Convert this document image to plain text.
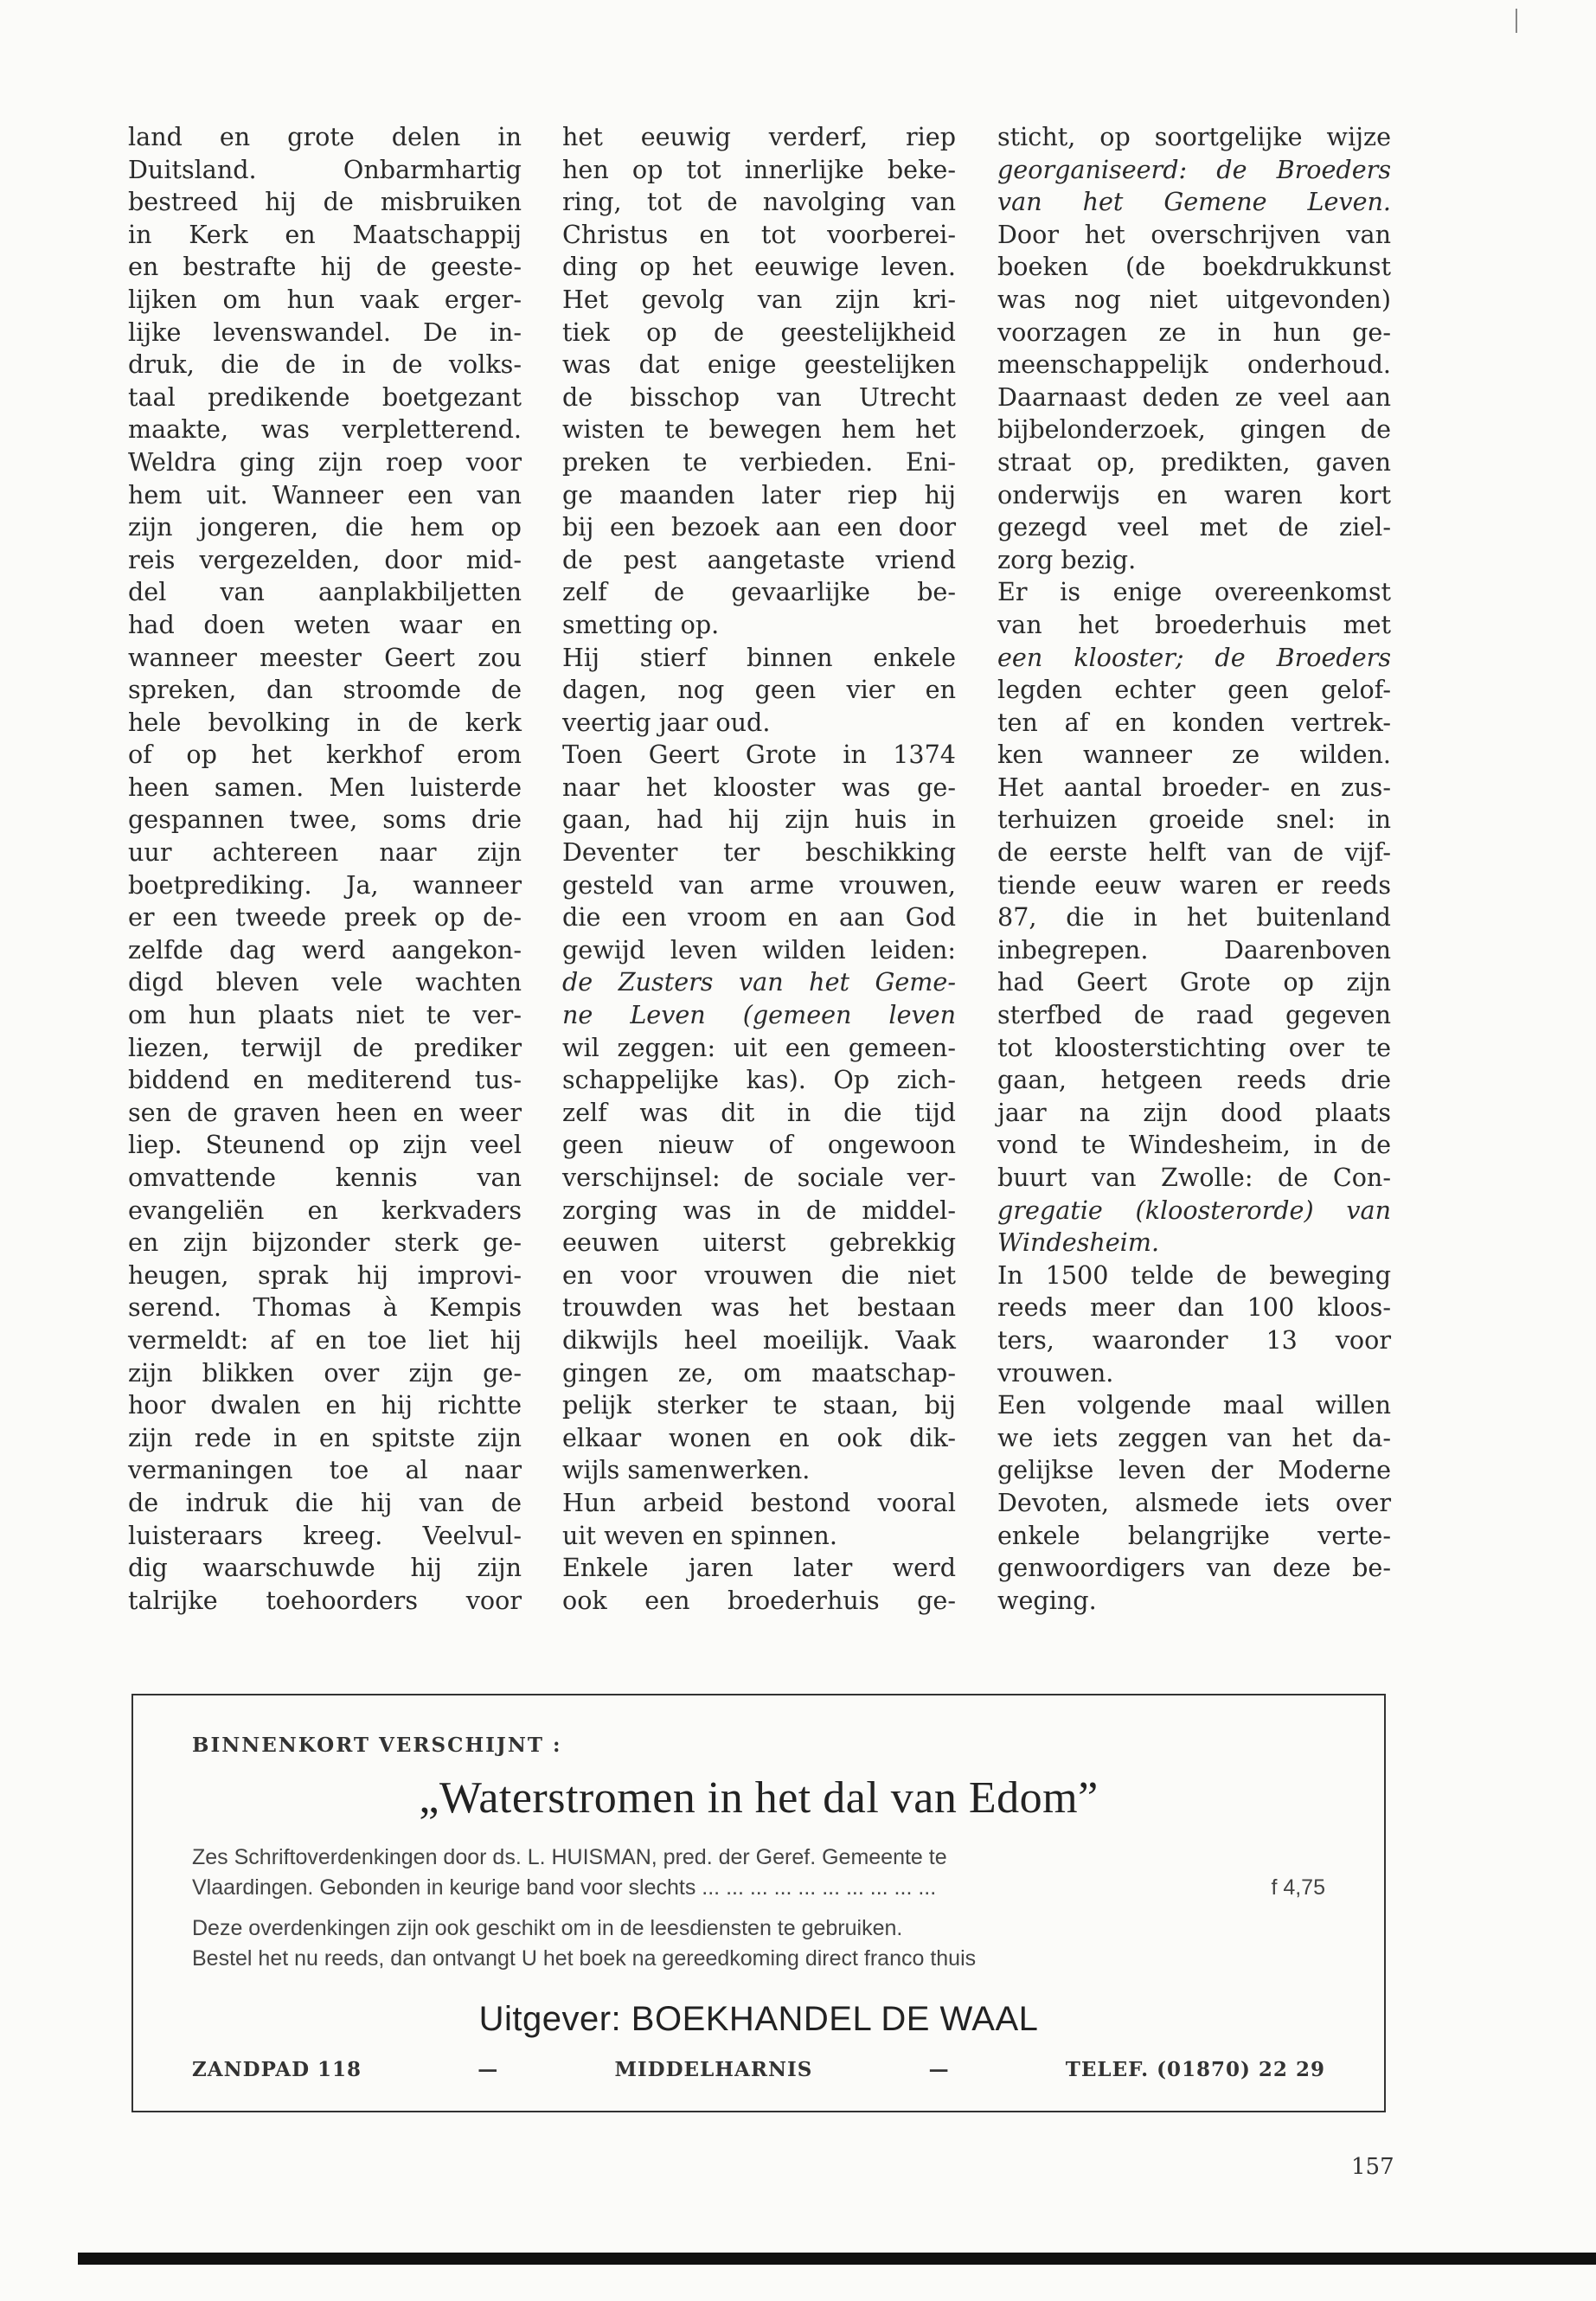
land en grote delen in
Duitsland. Onbarmhartig
bestreed hij de misbruiken
in Kerk en Maatschappij
en bestrafte hij de geeste-
lijken om hun vaak erger-
lijke levenswandel. De in-
druk, die de in de volks-
taal predikende boetgezant
maakte, was verpletterend.
Weldra ging zijn roep voor
hem uit. Wanneer een van
zijn jongeren, die hem op
reis vergezelden, door mid-
del van aanplakbiljetten
had doen weten waar en
wanneer meester Geert zou
spreken, dan stroomde de
hele bevolking in de kerk
of op het kerkhof erom
heen samen. Men luisterde
gespannen twee, soms drie
uur achtereen naar zijn
boetprediking. Ja, wanneer
er een tweede preek op de-
zelfde dag werd aangekon-
digd bleven vele wachten
om hun plaats niet te ver-
liezen, terwijl de prediker
biddend en mediterend tus-
sen de graven heen en weer
liep. Steunend op zijn veel
omvattende kennis van
evangeliën en kerkvaders
en zijn bijzonder sterk ge-
heugen, sprak hij improvi-
serend. Thomas à Kempis
vermeldt: af en toe liet hij
zijn blikken over zijn ge-
hoor dwalen en hij richtte
zijn rede in en spitste zijn
vermaningen toe al naar
de indruk die hij van de
luisteraars kreeg. Veelvul-
dig waarschuwde hij zijn
talrijke toehoorders voor
het eeuwig verderf, riep
hen op tot innerlijke beke-
ring, tot de navolging van
Christus en tot voorberei-
ding op het eeuwige leven.
Het gevolg van zijn kri-
tiek op de geestelijkheid
was dat enige geestelijken
de bisschop van Utrecht
wisten te bewegen hem het
preken te verbieden. Eni-
ge maanden later riep hij
bij een bezoek aan een door
de pest aangetaste vriend
zelf de gevaarlijke be-
smetting op.
Hij stierf binnen enkele
dagen, nog geen vier en
veertig jaar oud.
Toen Geert Grote in 1374
naar het klooster was ge-
gaan, had hij zijn huis in
Deventer ter beschikking
gesteld van arme vrouwen,
die een vroom en aan God
gewijd leven wilden leiden:
de Zusters van het Geme-
ne Leven (gemeen leven
wil zeggen: uit een gemeen-
schappelijke kas). Op zich-
zelf was dit in die tijd
geen nieuw of ongewoon
verschijnsel: de sociale ver-
zorging was in de middel-
eeuwen uiterst gebrekkig
en voor vrouwen die niet
trouwden was het bestaan
dikwijls heel moeilijk. Vaak
gingen ze, om maatschap-
pelijk sterker te staan, bij
elkaar wonen en ook dik-
wijls samenwerken.
Hun arbeid bestond vooral
uit weven en spinnen.
Enkele jaren later werd
ook een broederhuis ge-
sticht, op soortgelijke wijze
georganiseerd: de Broeders
van het Gemene Leven.
Door het overschrijven van
boeken (de boekdrukkunst
was nog niet uitgevonden)
voorzagen ze in hun ge-
meenschappelijk onderhoud.
Daarnaast deden ze veel aan
bijbelonderzoek, gingen de
straat op, predikten, gaven
onderwijs en waren kort
gezegd veel met de ziel-
zorg bezig.
Er is enige overeenkomst
van het broederhuis met
een klooster; de Broeders
legden echter geen gelof-
ten af en konden vertrek-
ken wanneer ze wilden.
Het aantal broeder- en zus-
terhuizen groeide snel: in
de eerste helft van de vijf-
tiende eeuw waren er reeds
87, die in het buitenland
inbegrepen. Daarenboven
had Geert Grote op zijn
sterfbed de raad gegeven
tot kloosterstichting over te
gaan, hetgeen reeds drie
jaar na zijn dood plaats
vond te Windesheim, in de
buurt van Zwolle: de Con-
gregatie (kloosterorde) van
Windesheim.
In 1500 telde de beweging
reeds meer dan 100 kloos-
ters, waaronder 13 voor
vrouwen.
Een volgende maal willen
we iets zeggen van het da-
gelijkse leven der Moderne
Devoten, alsmede iets over
enkele belangrijke verte-
genwoordigers van deze be-
weging.
BINNENKORT VERSCHIJNT :
„Waterstromen in het dal van Edom”
Zes Schriftoverdenkingen door ds. L. HUISMAN, pred. der Geref. Gemeente te
Vlaardingen. Gebonden in keurige band voor slechts ... ... ... ... ... ... ... ... ... ...	f 4,75
Deze overdenkingen zijn ook geschikt om in de leesdiensten te gebruiken.
Bestel het nu reeds, dan ontvangt U het boek na gereedkoming direct franco thuis
Uitgever: BOEKHANDEL DE WAAL
ZANDPAD 118	—	MIDDELHARNIS	—	TELEF. (01870) 22 29
157
